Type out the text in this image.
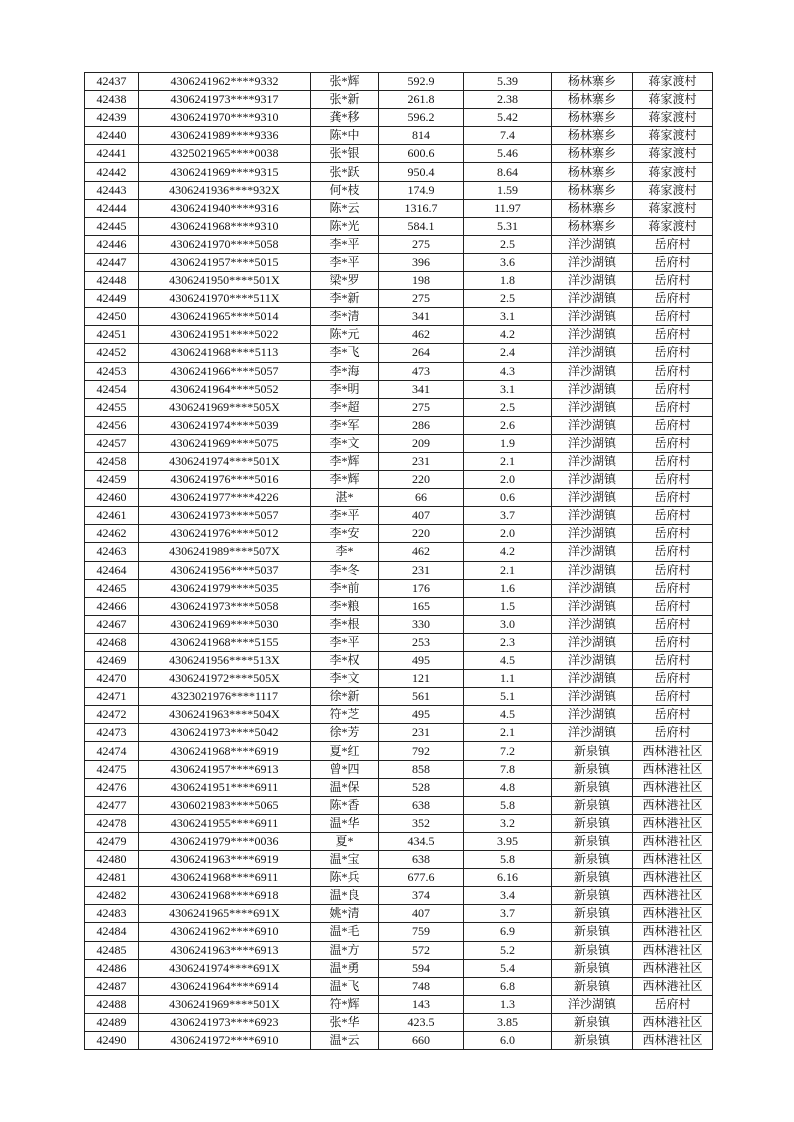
42437	4306241962****9332	张*辉	592.9	5.39	杨林寨乡	蒋家渡村
42438	4306241973****9317	张*新	261.8	2.38	杨林寨乡	蒋家渡村
42439	4306241970****9310	龚*移	596.2	5.42	杨林寨乡	蒋家渡村
42440	4306241989****9336	陈*中	814	7.4	杨林寨乡	蒋家渡村
42441	4325021965****0038	张*银	600.6	5.46	杨林寨乡	蒋家渡村
42442	4306241969****9315	张*跃	950.4	8.64	杨林寨乡	蒋家渡村
42443	4306241936****932X	何*枝	174.9	1.59	杨林寨乡	蒋家渡村
42444	4306241940****9316	陈*云	1316.7	11.97	杨林寨乡	蒋家渡村
42445	4306241968****9310	陈*光	584.1	5.31	杨林寨乡	蒋家渡村
42446	4306241970****5058	李*平	275	2.5	洋沙湖镇	岳府村
42447	4306241957****5015	李*平	396	3.6	洋沙湖镇	岳府村
42448	4306241950****501X	梁*罗	198	1.8	洋沙湖镇	岳府村
42449	4306241970****511X	李*新	275	2.5	洋沙湖镇	岳府村
42450	4306241965****5014	李*清	341	3.1	洋沙湖镇	岳府村
42451	4306241951****5022	陈*元	462	4.2	洋沙湖镇	岳府村
42452	4306241968****5113	李*飞	264	2.4	洋沙湖镇	岳府村
42453	4306241966****5057	李*海	473	4.3	洋沙湖镇	岳府村
42454	4306241964****5052	李*明	341	3.1	洋沙湖镇	岳府村
42455	4306241969****505X	李*超	275	2.5	洋沙湖镇	岳府村
42456	4306241974****5039	李*军	286	2.6	洋沙湖镇	岳府村
42457	4306241969****5075	李*文	209	1.9	洋沙湖镇	岳府村
42458	4306241974****501X	李*辉	231	2.1	洋沙湖镇	岳府村
42459	4306241976****5016	李*辉	220	2.0	洋沙湖镇	岳府村
42460	4306241977****4226	湛*	66	0.6	洋沙湖镇	岳府村
42461	4306241973****5057	李*平	407	3.7	洋沙湖镇	岳府村
42462	4306241976****5012	李*安	220	2.0	洋沙湖镇	岳府村
42463	4306241989****507X	李*	462	4.2	洋沙湖镇	岳府村
42464	4306241956****5037	李*冬	231	2.1	洋沙湖镇	岳府村
42465	4306241979****5035	李*前	176	1.6	洋沙湖镇	岳府村
42466	4306241973****5058	李*粮	165	1.5	洋沙湖镇	岳府村
42467	4306241969****5030	李*根	330	3.0	洋沙湖镇	岳府村
42468	4306241968****5155	李*平	253	2.3	洋沙湖镇	岳府村
42469	4306241956****513X	李*权	495	4.5	洋沙湖镇	岳府村
42470	4306241972****505X	李*文	121	1.1	洋沙湖镇	岳府村
42471	4323021976****1117	徐*新	561	5.1	洋沙湖镇	岳府村
42472	4306241963****504X	符*芝	495	4.5	洋沙湖镇	岳府村
42473	4306241973****5042	徐*芳	231	2.1	洋沙湖镇	岳府村
42474	4306241968****6919	夏*红	792	7.2	新泉镇	西林港社区
42475	4306241957****6913	曾*四	858	7.8	新泉镇	西林港社区
42476	4306241951****6911	温*保	528	4.8	新泉镇	西林港社区
42477	4306021983****5065	陈*香	638	5.8	新泉镇	西林港社区
42478	4306241955****6911	温*华	352	3.2	新泉镇	西林港社区
42479	4306241979****0036	夏*	434.5	3.95	新泉镇	西林港社区
42480	4306241963****6919	温*宝	638	5.8	新泉镇	西林港社区
42481	4306241968****6911	陈*兵	677.6	6.16	新泉镇	西林港社区
42482	4306241968****6918	温*良	374	3.4	新泉镇	西林港社区
42483	4306241965****691X	姚*清	407	3.7	新泉镇	西林港社区
42484	4306241962****6910	温*毛	759	6.9	新泉镇	西林港社区
42485	4306241963****6913	温*方	572	5.2	新泉镇	西林港社区
42486	4306241974****691X	温*勇	594	5.4	新泉镇	西林港社区
42487	4306241964****6914	温*飞	748	6.8	新泉镇	西林港社区
42488	4306241969****501X	符*辉	143	1.3	洋沙湖镇	岳府村
42489	4306241973****6923	张*华	423.5	3.85	新泉镇	西林港社区
42490	4306241972****6910	温*云	660	6.0	新泉镇	西林港社区
